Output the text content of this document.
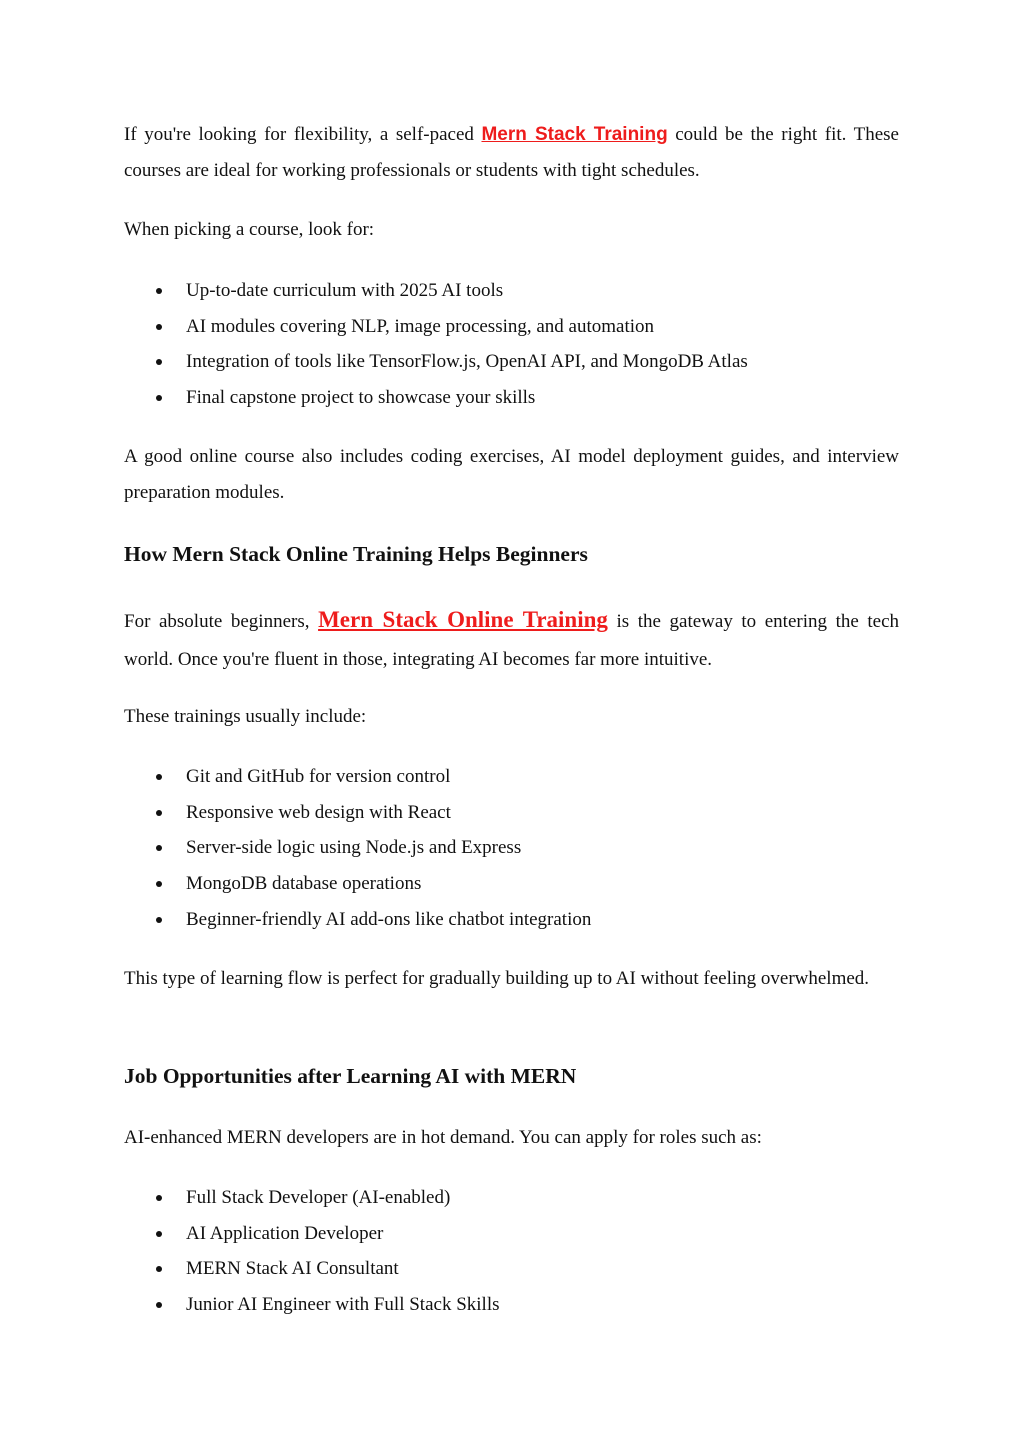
If you're looking for flexibility, a self-paced Mern Stack Training could be the right fit. These courses are ideal for working professionals or students with tight schedules.

When picking a course, look for:

Up-to-date curriculum with 2025 AI tools
AI modules covering NLP, image processing, and automation
Integration of tools like TensorFlow.js, OpenAI API, and MongoDB Atlas
Final capstone project to showcase your skills

A good online course also includes coding exercises, AI model deployment guides, and interview preparation modules.

How Mern Stack Online Training Helps Beginners

For absolute beginners, Mern Stack Online Training is the gateway to entering the tech world. Once you're fluent in those, integrating AI becomes far more intuitive.

These trainings usually include:

Git and GitHub for version control
Responsive web design with React
Server-side logic using Node.js and Express
MongoDB database operations
Beginner-friendly AI add-ons like chatbot integration

This type of learning flow is perfect for gradually building up to AI without feeling overwhelmed.

Job Opportunities after Learning AI with MERN

AI-enhanced MERN developers are in hot demand. You can apply for roles such as:

Full Stack Developer (AI-enabled)
AI Application Developer
MERN Stack AI Consultant
Junior AI Engineer with Full Stack Skills
